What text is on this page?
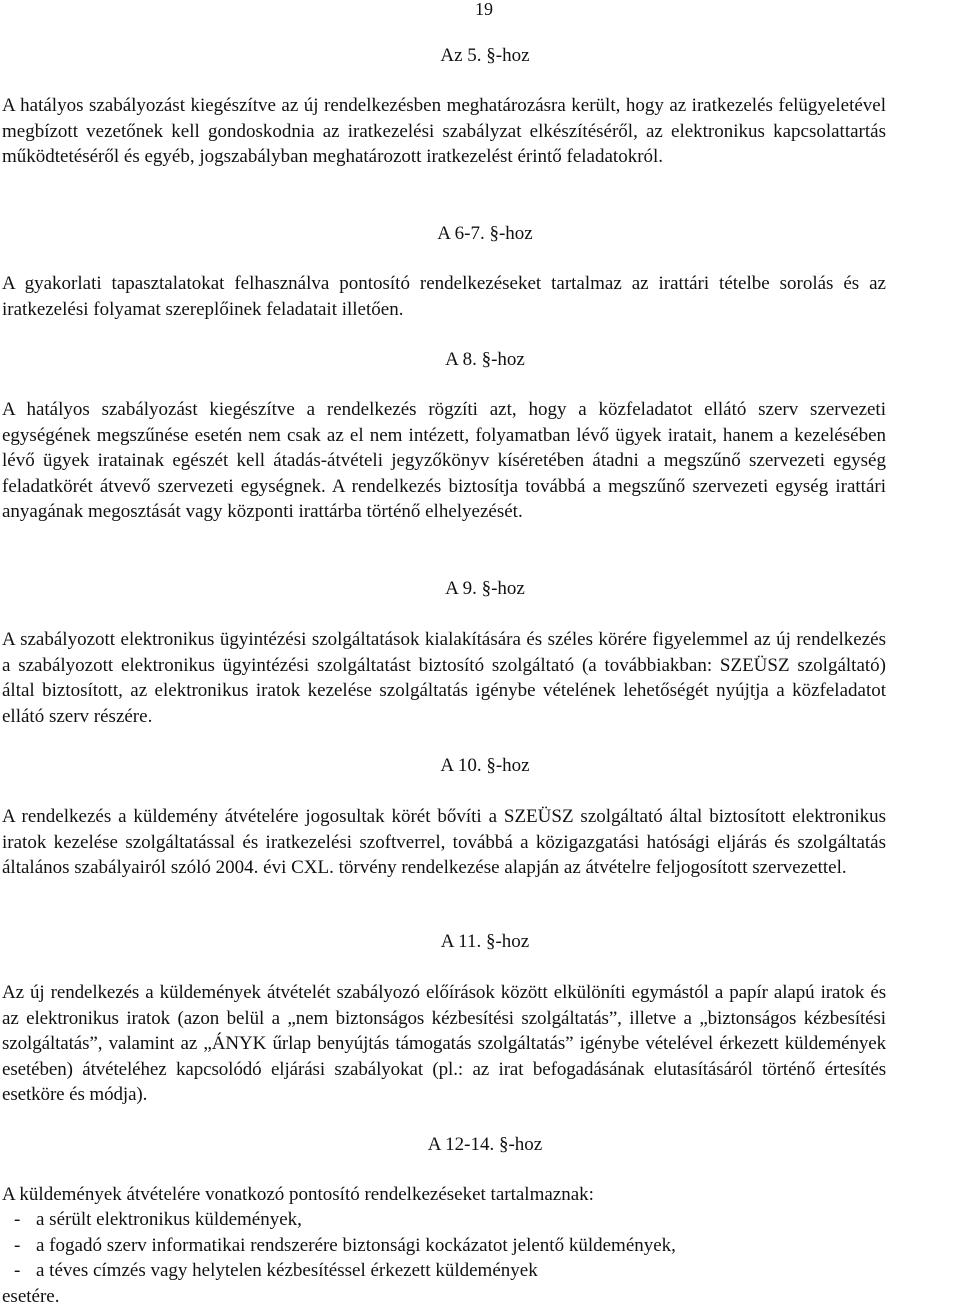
19
Az 5. §-hoz
A hatályos szabályozást kiegészítve az új rendelkezésben meghatározásra került, hogy az iratkezelés felügyeletével megbízott vezetőnek kell gondoskodnia az iratkezelési szabályzat elkészítéséről, az elektronikus kapcsolattartás működtetéséről és egyéb, jogszabályban meghatározott iratkezelést érintő feladatokról.
A 6-7. §-hoz
A gyakorlati tapasztalatokat felhasználva pontosító rendelkezéseket tartalmaz az irattári tételbe sorolás és az iratkezelési folyamat szereplőinek feladatait illetően.
A 8. §-hoz
A hatályos szabályozást kiegészítve a rendelkezés rögzíti azt, hogy a közfeladatot ellátó szerv szervezeti egységének megszűnése esetén nem csak az el nem intézett, folyamatban lévő ügyek iratait, hanem a kezelésében lévő ügyek iratainak egészét kell átadás-átvételi jegyzőkönyv kíséretében átadni a megszűnő szervezeti egység feladatkörét átvevő szervezeti egységnek. A rendelkezés biztosítja továbbá a megszűnő szervezeti egység irattári anyagának megosztását vagy központi irattárba történő elhelyezését.
A 9. §-hoz
A szabályozott elektronikus ügyintézési szolgáltatások kialakítására és széles körére figyelemmel az új rendelkezés a szabályozott elektronikus ügyintézési szolgáltatást biztosító szolgáltató (a továbbiakban: SZEÜSZ szolgáltató) által biztosított, az elektronikus iratok kezelése szolgáltatás igénybe vételének lehetőségét nyújtja a közfeladatot ellátó szerv részére.
A 10. §-hoz
A rendelkezés a küldemény átvételére jogosultak körét bővíti a SZEÜSZ szolgáltató által biztosított elektronikus iratok kezelése szolgáltatással és iratkezelési szoftverrel, továbbá a közigazgatási hatósági eljárás és szolgáltatás általános szabályairól szóló 2004. évi CXL. törvény rendelkezése alapján az átvételre feljogosított szervezettel.
A 11. §-hoz
Az új rendelkezés a küldemények átvételét szabályozó előírások között elkülöníti egymástól a papír alapú iratok és az elektronikus iratok (azon belül a „nem biztonságos kézbesítési szolgáltatás”, illetve a „biztonságos kézbesítési szolgáltatás”, valamint az „ÁNYK űrlap benyújtás támogatás szolgáltatás” igénybe vételével érkezett küldemények esetében) átvételéhez kapcsolódó eljárási szabályokat (pl.: az irat befogadásának elutasításáról történő értesítés esetköre és módja).
A 12-14. §-hoz
A küldemények átvételére vonatkozó pontosító rendelkezéseket tartalmaznak:
- a sérült elektronikus küldemények,
- a fogadó szerv informatikai rendszerére biztonsági kockázatot jelentő küldemények,
- a téves címzés vagy helytelen kézbesítéssel érkezett küldemények
esetére.
